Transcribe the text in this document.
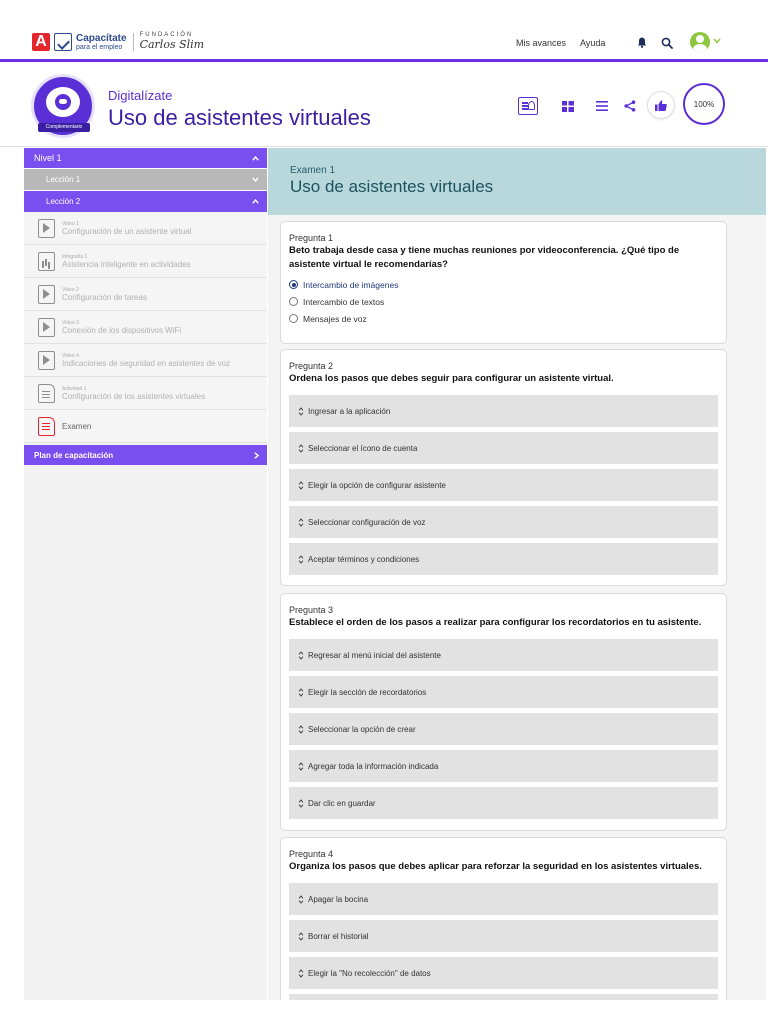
A	Capacítate
para el empleo
FUNDACIÓN
Carlos Slim	Mis avances Ayuda
Complementario
Digitalízate
Uso de asistentes virtuales
100%
Nivel 1
Lección 1
Lección 2
Video 1
Configuración de un asistente virtual
Infografía 1
Asistencia inteligente en actividades
Video 2
Configuración de tareas
Video 3
Conexión de los dispositivos WiFi
Video 4
Indicaciones de seguridad en asistentes de voz
Actividad 1
Configuración de los asistentes virtuales
Examen
Plan de capacitación
Examen 1
Uso de asistentes virtuales
Pregunta 1
Beto trabaja desde casa y tiene muchas reuniones por videoconferencia. ¿Qué tipo de asistente virtual le recomendarías?
Intercambio de imágenes
Intercambio de textos
Mensajes de voz
Pregunta 2
Ordena los pasos que debes seguir para configurar un asistente virtual.
Ingresar a la aplicación
Seleccionar el ícono de cuenta
Elegir la opción de configurar asistente
Seleccionar configuración de voz
Aceptar términos y condiciones
Pregunta 3
Establece el orden de los pasos a realizar para configurar los recordatorios en tu asistente.
Regresar al menú inicial del asistente
Elegir la sección de recordatorios
Seleccionar la opción de crear
Agregar toda la información indicada
Dar clic en guardar
Pregunta 4
Organiza los pasos que debes aplicar para reforzar la seguridad en los asistentes virtuales.
Apagar la bocina
Borrar el historial
Elegir la "No recolección" de datos
